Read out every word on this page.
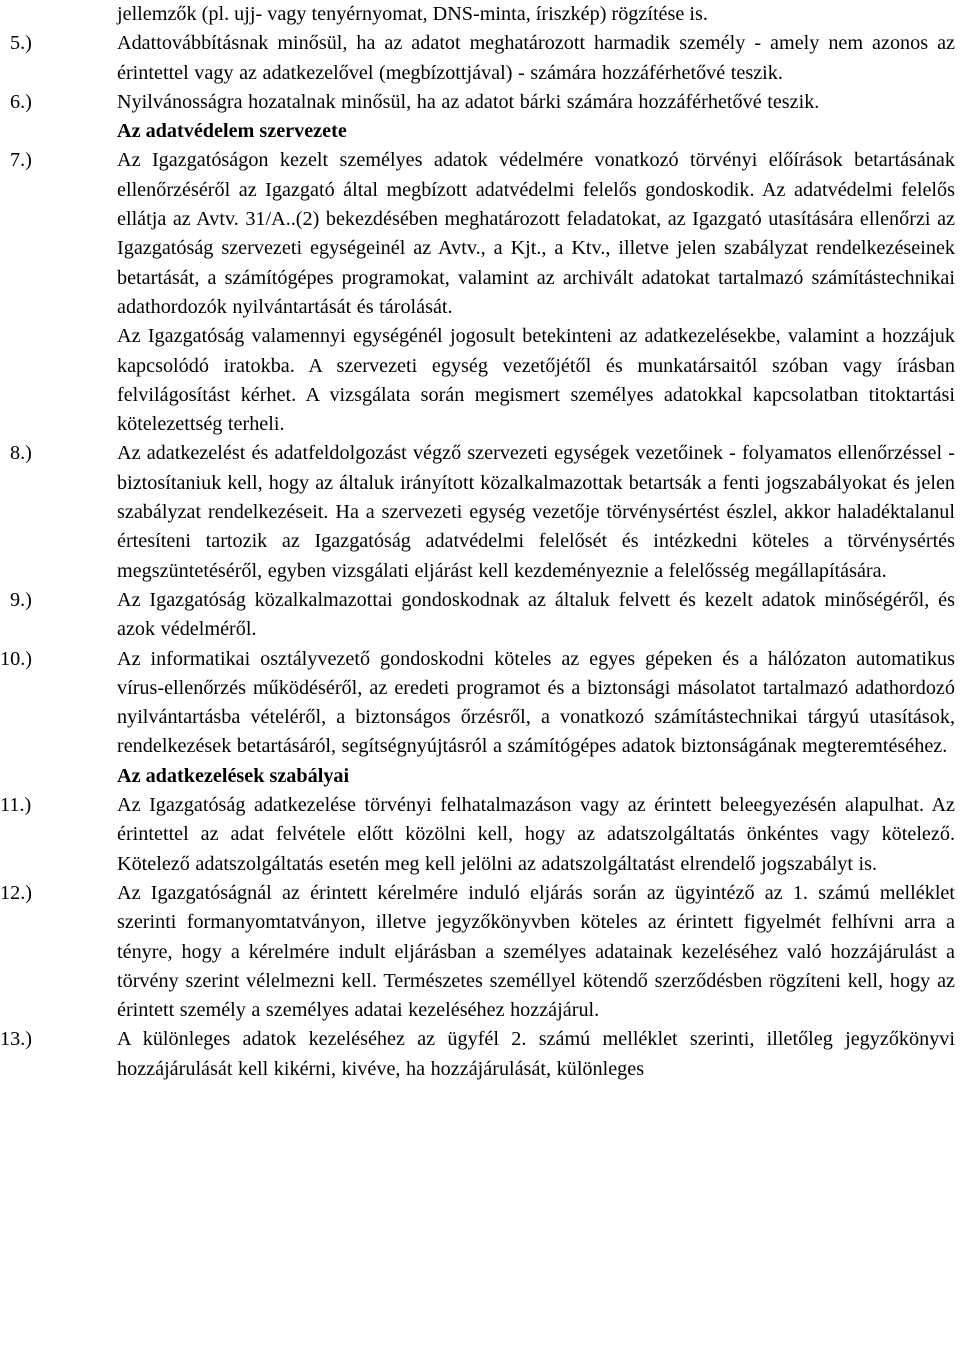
jellemzők (pl. ujj- vagy tenyérnyomat, DNS-minta, íriszkép) rögzítése is.
5.)	Adattovábbításnak minősül, ha az adatot meghatározott harmadik személy - amely nem azonos az érintettel vagy az adatkezelővel (megbízottjával) - számára hozzáférhetővé teszik.
6.)	Nyilvánosságra hozatalnak minősül, ha az adatot bárki számára hozzáférhetővé teszik.
Az adatvédelem szervezete
7.)	Az Igazgatóságon kezelt személyes adatok védelmére vonatkozó törvényi előírások betartásának ellenőrzéséről az Igazgató által megbízott adatvédelmi felelős gondoskodik. Az adatvédelmi felelős ellátja az Avtv. 31/A..(2) bekezdésében meghatározott feladatokat, az Igazgató utasítására ellenőrzi az Igazgatóság szervezeti egységeinél az Avtv., a Kjt., a Ktv., illetve jelen szabályzat rendelkezéseinek betartását, a számítógépes programokat, valamint az archivált adatokat tartalmazó számítástechnikai adathordozók nyilvántartását és tárolását.
Az Igazgatóság valamennyi egységénél jogosult betekinteni az adatkezelésekbe, valamint a hozzájuk kapcsolódó iratokba. A szervezeti egység vezetőjétől és munkatársaitól szóban vagy írásban felvilágosítást kérhet. A vizsgálata során megismert személyes adatokkal kapcsolatban titoktartási kötelezettség terheli.
8.)	Az adatkezelést és adatfeldolgozást végző szervezeti egységek vezetőinek - folyamatos ellenőrzéssel - biztosítaniuk kell, hogy az általuk irányított közalkalmazottak betartsák a fenti jogszabályokat és jelen szabályzat rendelkezéseit. Ha a szervezeti egység vezetője törvénysértést észlel, akkor haladéktalanul értesíteni tartozik az Igazgatóság adatvédelmi felelősét és intézkedni köteles a törvénysértés megszüntetéséről, egyben vizsgálati eljárást kell kezdeményeznie a felelősség megállapítására.
9.)	Az Igazgatóság közalkalmazottai gondoskodnak az általuk felvett és kezelt adatok minőségéről, és azok védelméről.
10.)	Az informatikai osztályvezető gondoskodni köteles az egyes gépeken és a hálózaton automatikus vírus-ellenőrzés működéséről, az eredeti programot és a biztonsági másolatot tartalmazó adathordozó nyilvántartásba vételéről, a biztonságos őrzésről, a vonatkozó számítástechnikai tárgyú utasítások, rendelkezések betartásáról, segítségnyújtásról a számítógépes adatok biztonságának megteremtéséhez.
Az adatkezelések szabályai
11.)	Az Igazgatóság adatkezelése törvényi felhatalmazáson vagy az érintett beleegyezésén alapulhat. Az érintettel az adat felvétele előtt közölni kell, hogy az adatszolgáltatás önkéntes vagy kötelező. Kötelező adatszolgáltatás esetén meg kell jelölni az adatszolgáltatást elrendelő jogszabályt is.
12.)	Az Igazgatóságnál az érintett kérelmére induló eljárás során az ügyintéző az 1. számú melléklet szerinti formanyomtatványon, illetve jegyzőkönyvben köteles az érintett figyelmét felhívni arra a tényre, hogy a kérelmére indult eljárásban a személyes adatainak kezeléséhez való hozzájárulást a törvény szerint vélelmezni kell. Természetes személlyel kötendő szerződésben rögzíteni kell, hogy az érintett személy a személyes adatai kezeléséhez hozzájárul.
13.)	A különleges adatok kezeléséhez az ügyfél 2. számú melléklet szerinti, illetőleg jegyzőkönyvi hozzájárulását kell kikérni, kivéve, ha hozzájárulását, különleges
